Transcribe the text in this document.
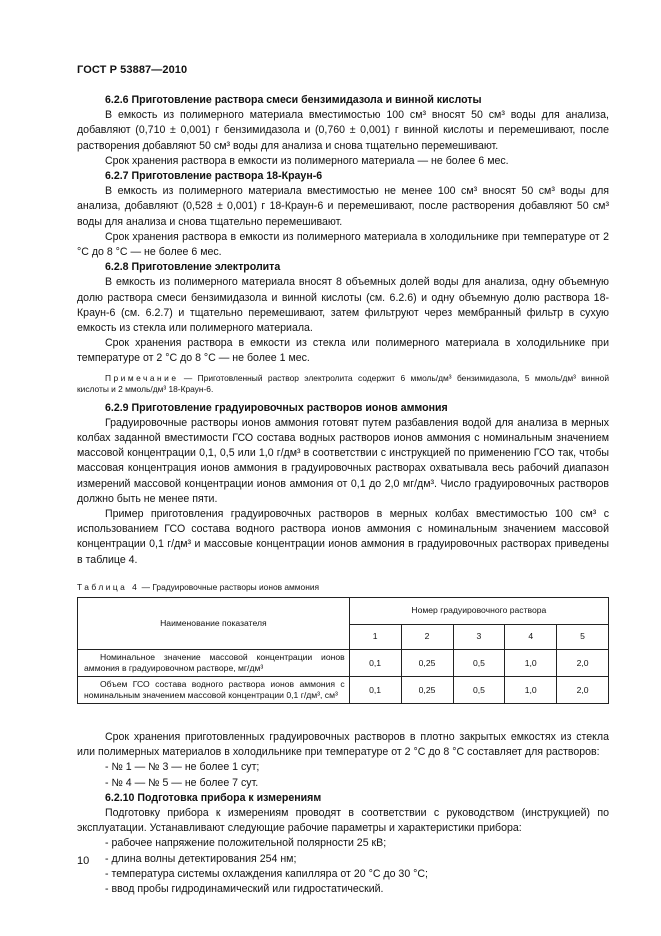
ГОСТ Р 53887—2010
6.2.6 Приготовление раствора смеси бензимидазола и винной кислоты

В емкость из полимерного материала вместимостью 100 см³ вносят 50 см³ воды для анализа, добавляют (0,710 ± 0,001) г бензимидазола и (0,760 ± 0,001) г винной кислоты и перемешивают, после растворения добавляют 50 см³ воды для анализа и снова тщательно перемешивают.

Срок хранения раствора в емкости из полимерного материала — не более 6 мес.

6.2.7 Приготовление раствора 18-Краун-6

В емкость из полимерного материала вместимостью не менее 100 см³ вносят 50 см³ воды для анализа, добавляют (0,528 ± 0,001) г 18-Краун-6 и перемешивают, после растворения добавляют 50 см³ воды для анализа и снова тщательно перемешивают.

Срок хранения раствора в емкости из полимерного материала в холодильнике при температуре от 2 °С до 8 °С — не более 6 мес.

6.2.8 Приготовление электролита

В емкость из полимерного материала вносят 8 объемных долей воды для анализа, одну объемную долю раствора смеси бензимидазола и винной кислоты (см. 6.2.6) и одну объемную долю раствора 18-Краун-6 (см. 6.2.7) и тщательно перемешивают, затем фильтруют через мембранный фильтр в сухую емкость из стекла или полимерного материала.

Срок хранения раствора в емкости из стекла или полимерного материала в холодильнике при температуре от 2 °С до 8 °С — не более 1 мес.

Примечание — Приготовленный раствор электролита содержит 6 ммоль/дм³ бензимидазола, 5 ммоль/дм³ винной кислоты и 2 ммоль/дм³ 18-Краун-6.

6.2.9 Приготовление градуировочных растворов ионов аммония

Градуировочные растворы ионов аммония готовят путем разбавления водой для анализа в мерных колбах заданной вместимости ГСО состава водных растворов ионов аммония с номинальным значением массовой концентрации 0,1, 0,5 или 1,0 г/дм³ в соответствии с инструкцией по применению ГСО так, чтобы массовая концентрация ионов аммония в градуировочных растворах охватывала весь рабочий диапазон измерений массовой концентрации ионов аммония от 0,1 до 2,0 мг/дм³. Число градуировочных растворов должно быть не менее пяти.

Пример приготовления градуировочных растворов в мерных колбах вместимостью 100 см³ с использованием ГСО состава водного раствора ионов аммония с номинальным значением массовой концентрации 0,1 г/дм³ и массовые концентрации ионов аммония в градуировочных растворах приведены в таблице 4.

Таблица 4 — Градуировочные растворы ионов аммония
Наименование показателя	Номер градуировочного раствора				
	1	2	3	4	5
Номинальное значение массовой концентрации ионов аммония в градуировочном растворе, мг/дм³	0,1	0,25	0,5	1,0	2,0
Объем ГСО состава водного раствора ионов аммония с номинальным значением массовой концентрации 0,1 г/дм³, см³	0,1	0,25	0,5	1,0	2,0

Срок хранения приготовленных градуировочных растворов в плотно закрытых емкостях из стекла или полимерных материалов в холодильнике при температуре от 2 °С до 8 °С составляет для растворов:

- № 1 — № 3 — не более 1 сут;
- № 4 — № 5 — не более 7 сут.
6.2.10 Подготовка прибора к измерениям

Подготовку прибора к измерениям проводят в соответствии с руководством (инструкцией) по эксплуатации. Устанавливают следующие рабочие параметры и характеристики прибора:

- рабочее напряжение положительной полярности 25 кВ;
- длина волны детектирования 254 нм;
- температура системы охлаждения капилляра от 20 °С до 30 °С;
- ввод пробы гидродинамический или гидростатический.
10
